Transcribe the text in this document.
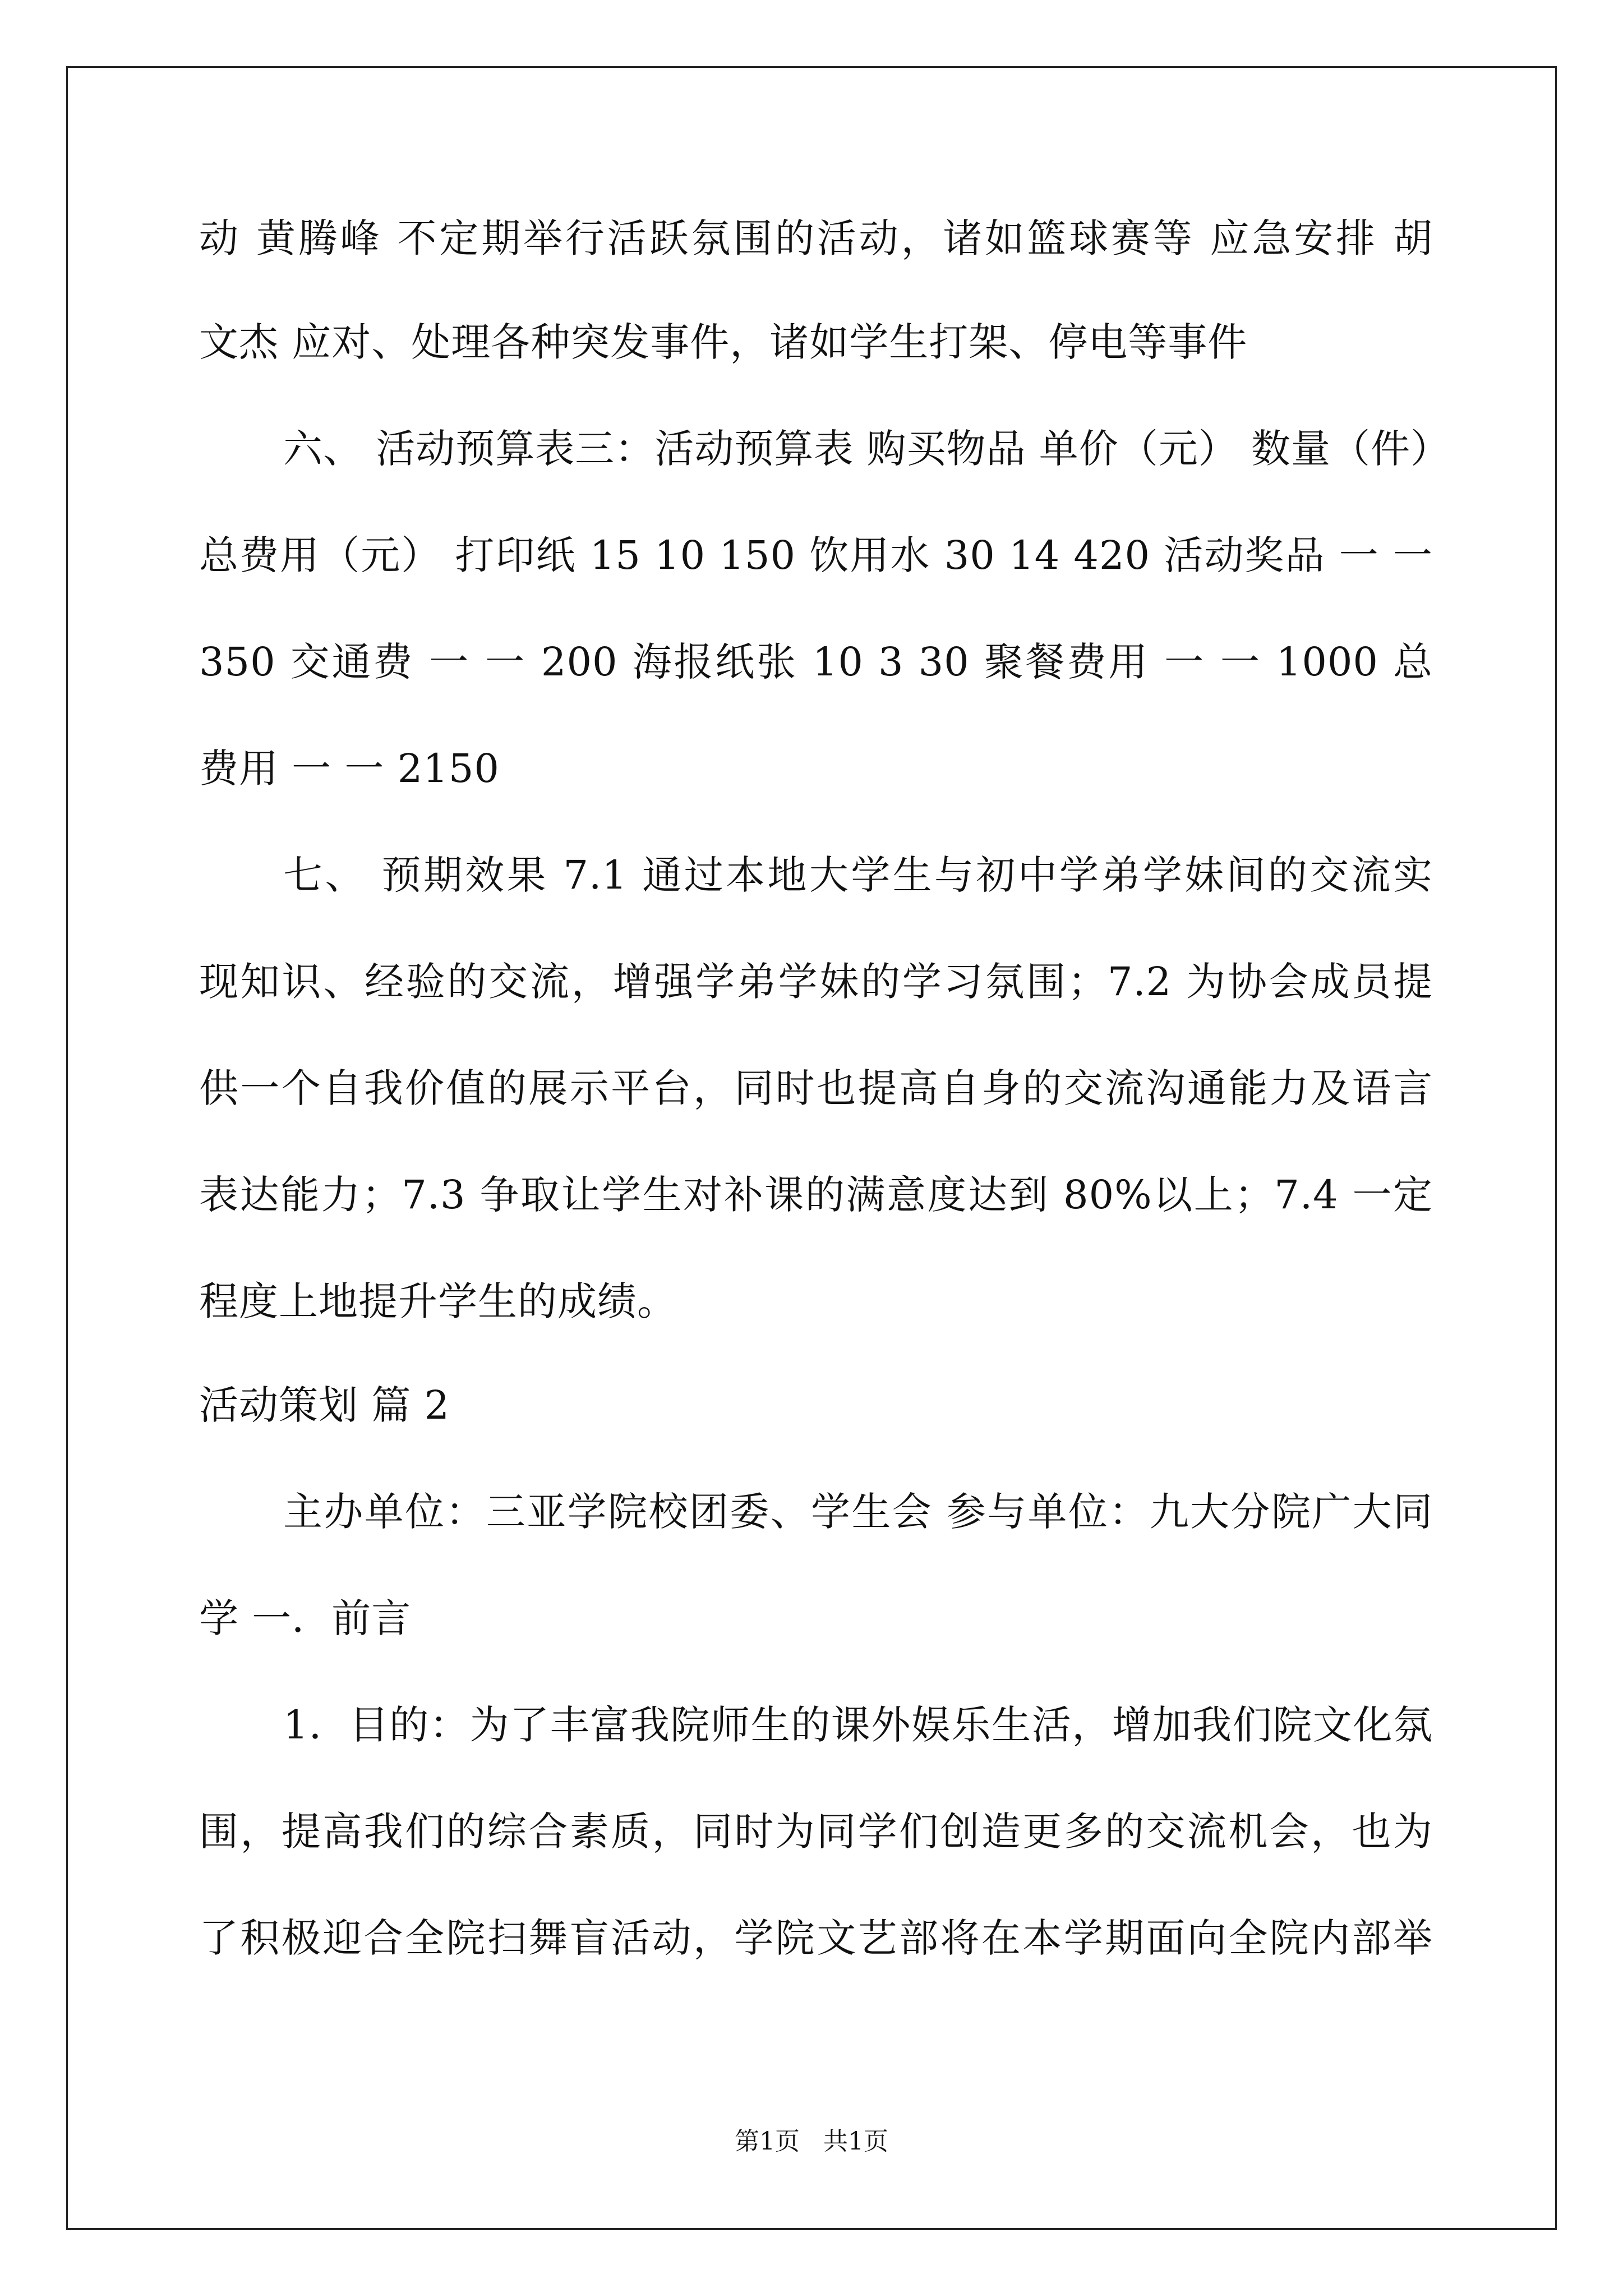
动 黄腾峰 不定期举行活跃氛围的活动，诸如篮球赛等 应急安排 胡
文杰 应对、处理各种突发事件，诸如学生打架、停电等事件
六、 活动预算表三：活动预算表 购买物品 单价（元） 数量（件）
总费用（元） 打印纸 15 10 150 饮用水 30 14 420 活动奖品 一 一
350 交通费 一 一 200 海报纸张 10 3 30 聚餐费用 一 一 1000 总
费用 一 一 2150
七、 预期效果 7.1 通过本地大学生与初中学弟学妹间的交流实
现知识、经验的交流，增强学弟学妹的学习氛围；7.2 为协会成员提
供一个自我价值的展示平台，同时也提高自身的交流沟通能力及语言
表达能力；7.3 争取让学生对补课的满意度达到 80%以上；7.4 一定
程度上地提升学生的成绩。
活动策划 篇 2
主办单位：三亚学院校团委、学生会 参与单位：九大分院广大同
学 一．前言
1．目的：为了丰富我院师生的课外娱乐生活，增加我们院文化氛
围，提高我们的综合素质，同时为同学们创造更多的交流机会，也为
了积极迎合全院扫舞盲活动，学院文艺部将在本学期面向全院内部举
第1页   共1页
